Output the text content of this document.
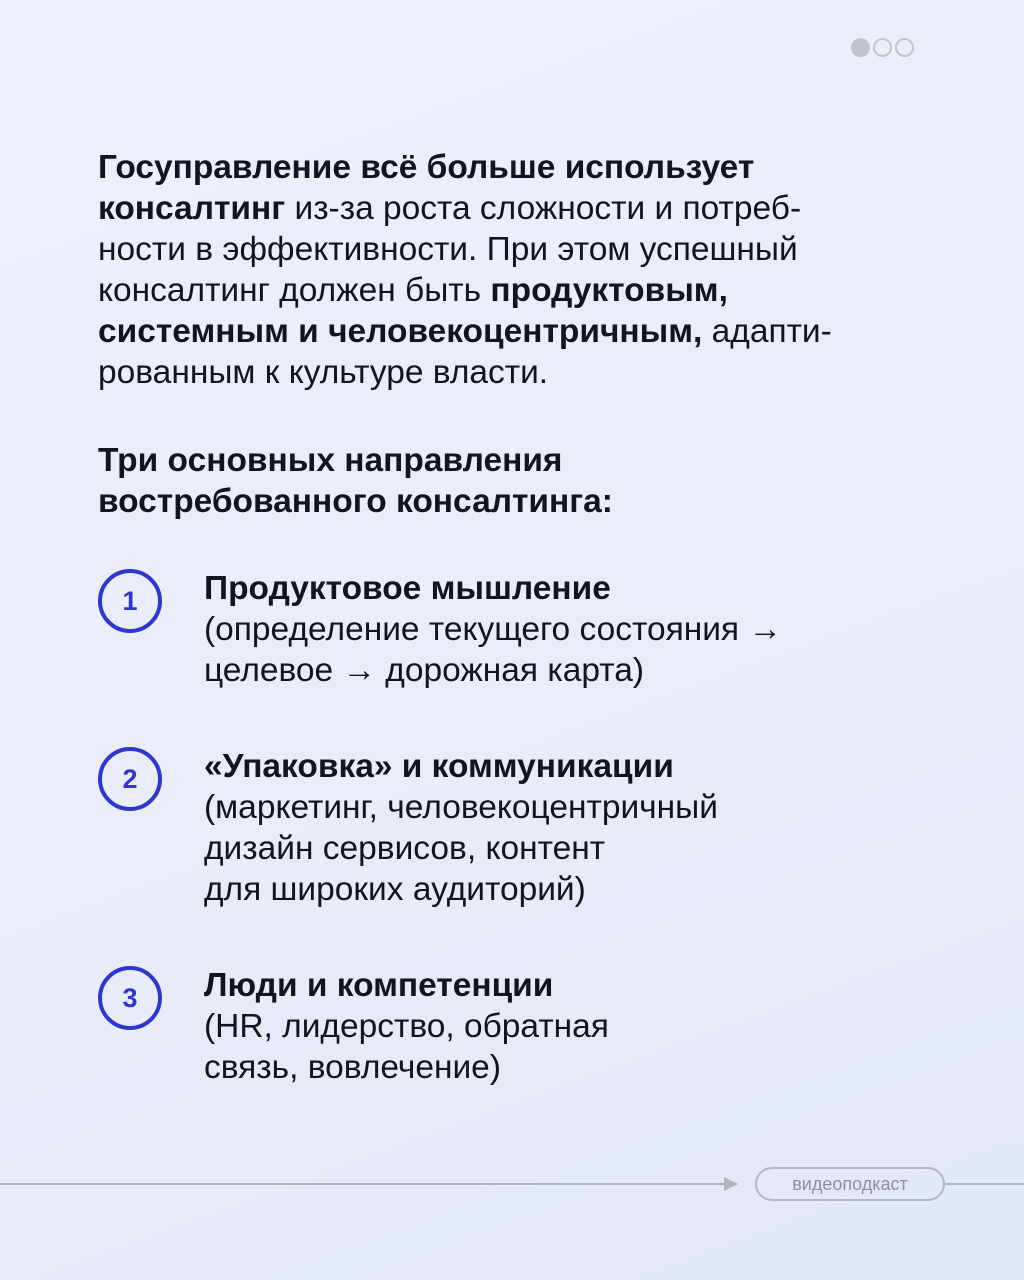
Госуправление всё больше использует
консалтинг из-за роста сложности и потреб-
ности в эффективности. При этом успешный
консалтинг должен быть продуктовым,
системным и человекоцентричным, адапти-
рованным к культуре власти.

Три основных направления
востребованного консалтинга:
1	Продуктовое мышление
(определение текущего состояния →
целевое → дорожная карта)
2	«Упаковка» и коммуникации
(маркетинг, человекоцентричный
дизайн сервисов, контент
для широких аудиторий)
3	Люди и компетенции
(HR, лидерство, обратная
связь, вовлечение)
видеоподкаст
